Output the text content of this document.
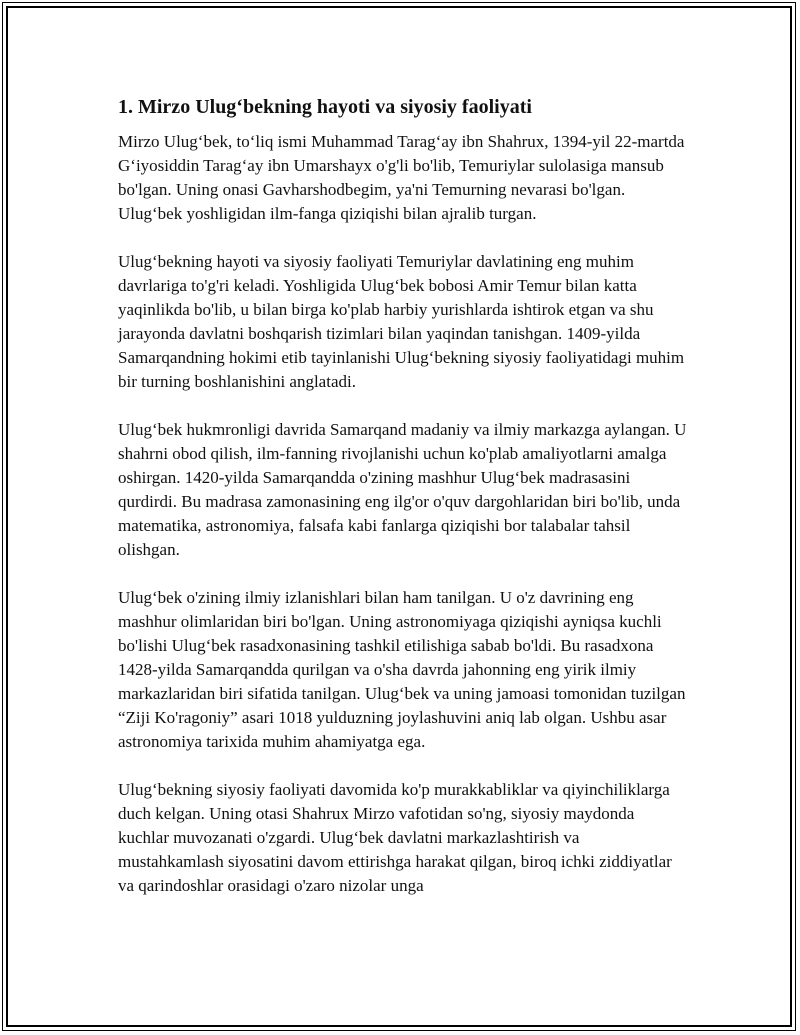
1. Mirzo Ulug‘bekning hayoti va siyosiy faoliyati

Mirzo Ulug‘bek, to‘liq ismi Muhammad Tarag‘ay ibn Shahrux, 1394-yil 22-martda G‘iyosiddin Tarag‘ay ibn Umarshayx o'g'li bo'lib, Temuriylar sulolasiga mansub bo'lgan. Uning onasi Gavharshodbegim, ya'ni Temurning nevarasi bo'lgan. Ulug‘bek yoshligidan ilm-fanga qiziqishi bilan ajralib turgan.

Ulug‘bekning hayoti va siyosiy faoliyati Temuriylar davlatining eng muhim davrlariga to'g'ri keladi. Yoshligida Ulug‘bek bobosi Amir Temur bilan katta yaqinlikda bo'lib, u bilan birga ko'plab harbiy yurishlarda ishtirok etgan va shu jarayonda davlatni boshqarish tizimlari bilan yaqindan tanishgan. 1409-yilda Samarqandning hokimi etib tayinlanishi Ulug‘bekning siyosiy faoliyatidagi muhim bir turning boshlanishini anglatadi.

Ulug‘bek hukmronligi davrida Samarqand madaniy va ilmiy markazga aylangan. U shahrni obod qilish, ilm-fanning rivojlanishi uchun ko'plab amaliyotlarni amalga oshirgan. 1420-yilda Samarqandda o'zining mashhur Ulug‘bek madrasasini qurdirdi. Bu madrasa zamonasining eng ilg'or o'quv dargohlaridan biri bo'lib, unda matematika, astronomiya, falsafa kabi fanlarga qiziqishi bor talabalar tahsil olishgan.

Ulug‘bek o'zining ilmiy izlanishlari bilan ham tanilgan. U o'z davrining eng mashhur olimlaridan biri bo'lgan. Uning astronomiyaga qiziqishi ayniqsa kuchli bo'lishi Ulug‘bek rasadxonasining tashkil etilishiga sabab bo'ldi. Bu rasadxona 1428-yilda Samarqandda qurilgan va o'sha davrda jahonning eng yirik ilmiy markazlaridan biri sifatida tanilgan. Ulug‘bek va uning jamoasi tomonidan tuzilgan “Ziji Ko'ragoniy” asari 1018 yulduzning joylashuvini aniq lab olgan. Ushbu asar astronomiya tarixida muhim ahamiyatga ega.

Ulug‘bekning siyosiy faoliyati davomida ko'p murakkabliklar va qiyinchiliklarga duch kelgan. Uning otasi Shahrux Mirzo vafotidan so'ng, siyosiy maydonda kuchlar muvozanati o'zgardi. Ulug‘bek davlatni markazlashtirish va mustahkamlash siyosatini davom ettirishga harakat qilgan, biroq ichki ziddiyatlar va qarindoshlar orasidagi o'zaro nizolar unga
